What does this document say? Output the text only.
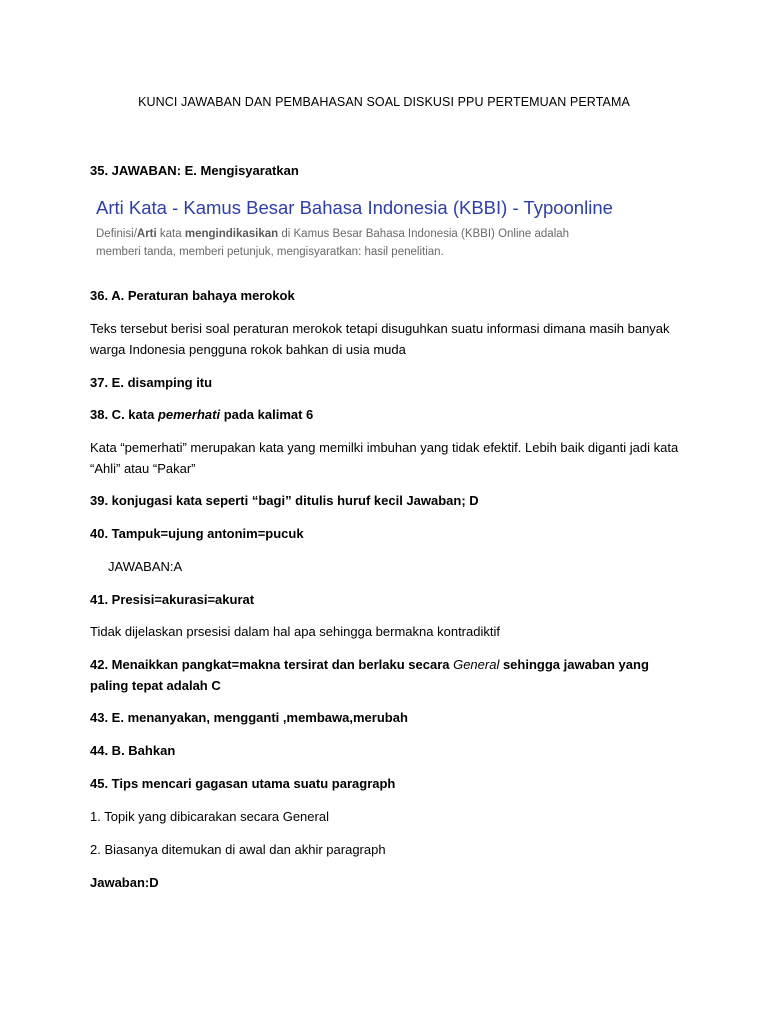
KUNCI JAWABAN DAN PEMBAHASAN SOAL DISKUSI PPU PERTEMUAN PERTAMA
35. JAWABAN: E. Mengisyaratkan
Arti Kata - Kamus Besar Bahasa Indonesia (KBBI) - Typoonline
Definisi/Arti kata mengindikasikan di Kamus Besar Bahasa Indonesia (KBBI) Online adalah
memberi tanda, memberi petunjuk, mengisyaratkan: hasil penelitian.
36. A. Peraturan bahaya merokok
Teks tersebut berisi soal peraturan merokok tetapi disuguhkan suatu informasi dimana masih banyak warga Indonesia pengguna rokok bahkan di usia muda
37. E. disamping itu
38. C. kata pemerhati pada kalimat 6
Kata “pemerhati” merupakan kata yang memilki imbuhan yang tidak efektif. Lebih baik diganti jadi kata “Ahli” atau “Pakar”
39. konjugasi kata seperti “bagi” ditulis huruf kecil Jawaban; D
40. Tampuk=ujung antonim=pucuk
JAWABAN:A
41. Presisi=akurasi=akurat
Tidak dijelaskan prsesisi dalam hal apa sehingga bermakna kontradiktif
42. Menaikkan pangkat=makna tersirat dan berlaku secara General sehingga jawaban yang paling tepat adalah C
43. E. menanyakan, mengganti ,membawa,merubah
44. B. Bahkan
45. Tips mencari gagasan utama suatu paragraph
1. Topik yang dibicarakan secara General
2. Biasanya ditemukan di awal dan akhir paragraph
Jawaban:D
